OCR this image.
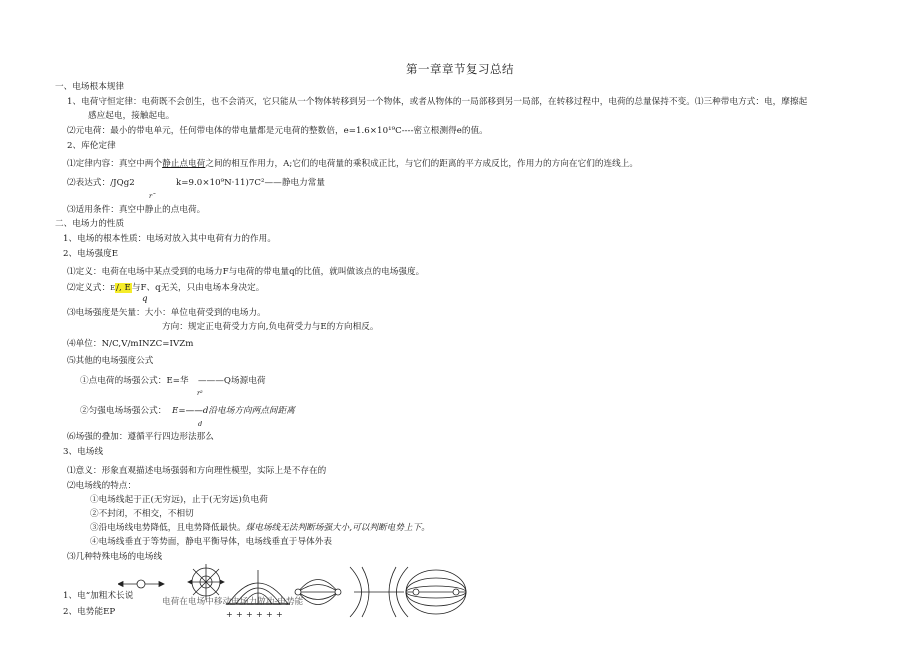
第一章章节复习总结
一、电场根本规律
1、电荷守恒定律：电荷既不会创生，也不会消灭，它只能从一个物体转移到另一个物体，或者从物体的一局部移到另一局部，在转移过程中，电荷的总量保持不变。⑴三种带电方式：电，摩擦起
感应起电，接触起电。
⑵元电荷：最小的带电单元，任何带电体的带电量都是元电荷的整数倍，e=1.6×10¹⁹C----密立根测得e的值。
2、库伦定律
⑴定律内容：真空中两个静止点电荷之间的相互作用力，A;它们的电荷量的乘积成正比，与它们的距离的平方成反比，作用力的方向在它们的连线上。
⑵表达式：/JQg2	k=9.0×10⁹N·11)7C²——静电力常量
r˜
⑶适用条件：真空中静止的点电荷。
二、电场力的性质
1、电场的根本性质：电场对放入其中电荷有力的作用。
2、电场强度E
⑴定义：电荷在电场中某点受到的电场力F与电荷的带电量q的比值，就叫做该点的电场强度。
⑵定义式：E/, E与F、q无关，只由电场本身决定。
q
⑶电场强度是矢量：大小：单位电荷受到的电场力。
方向：规定正电荷受力方向,负电荷受力与E的方向相反。
⑷单位：N/C,V/mINZC=IVZm
⑸其他的电场强度公式
①点电荷的场强公式：E=华 ———Q场源电荷
r²
②匀强电场场强公式： E=——d沿电场方向两点间距离
d
⑹场强的叠加：遵循平行四边形法那么
3、电场线
⑴意义：形象直观描述电场强弱和方向理性模型，实际上是不存在的
⑵电场线的特点：
①电场线起于正(无穷远)，止于(无穷远)负电荷
②不封闭，不相交，不相切
③沿电场线电势降低，且电势降低最快。煤电场线无法判断场强大小,可以判断电势上下。
④电场线垂直于等势面，静电平衡导体，电场线垂直于导体外表
⑶几种特殊电场的电场线
+ + + + + +
1、电“加粗术长说
电荷在电场中移动电场力做功-电势能
2、电势能EP
